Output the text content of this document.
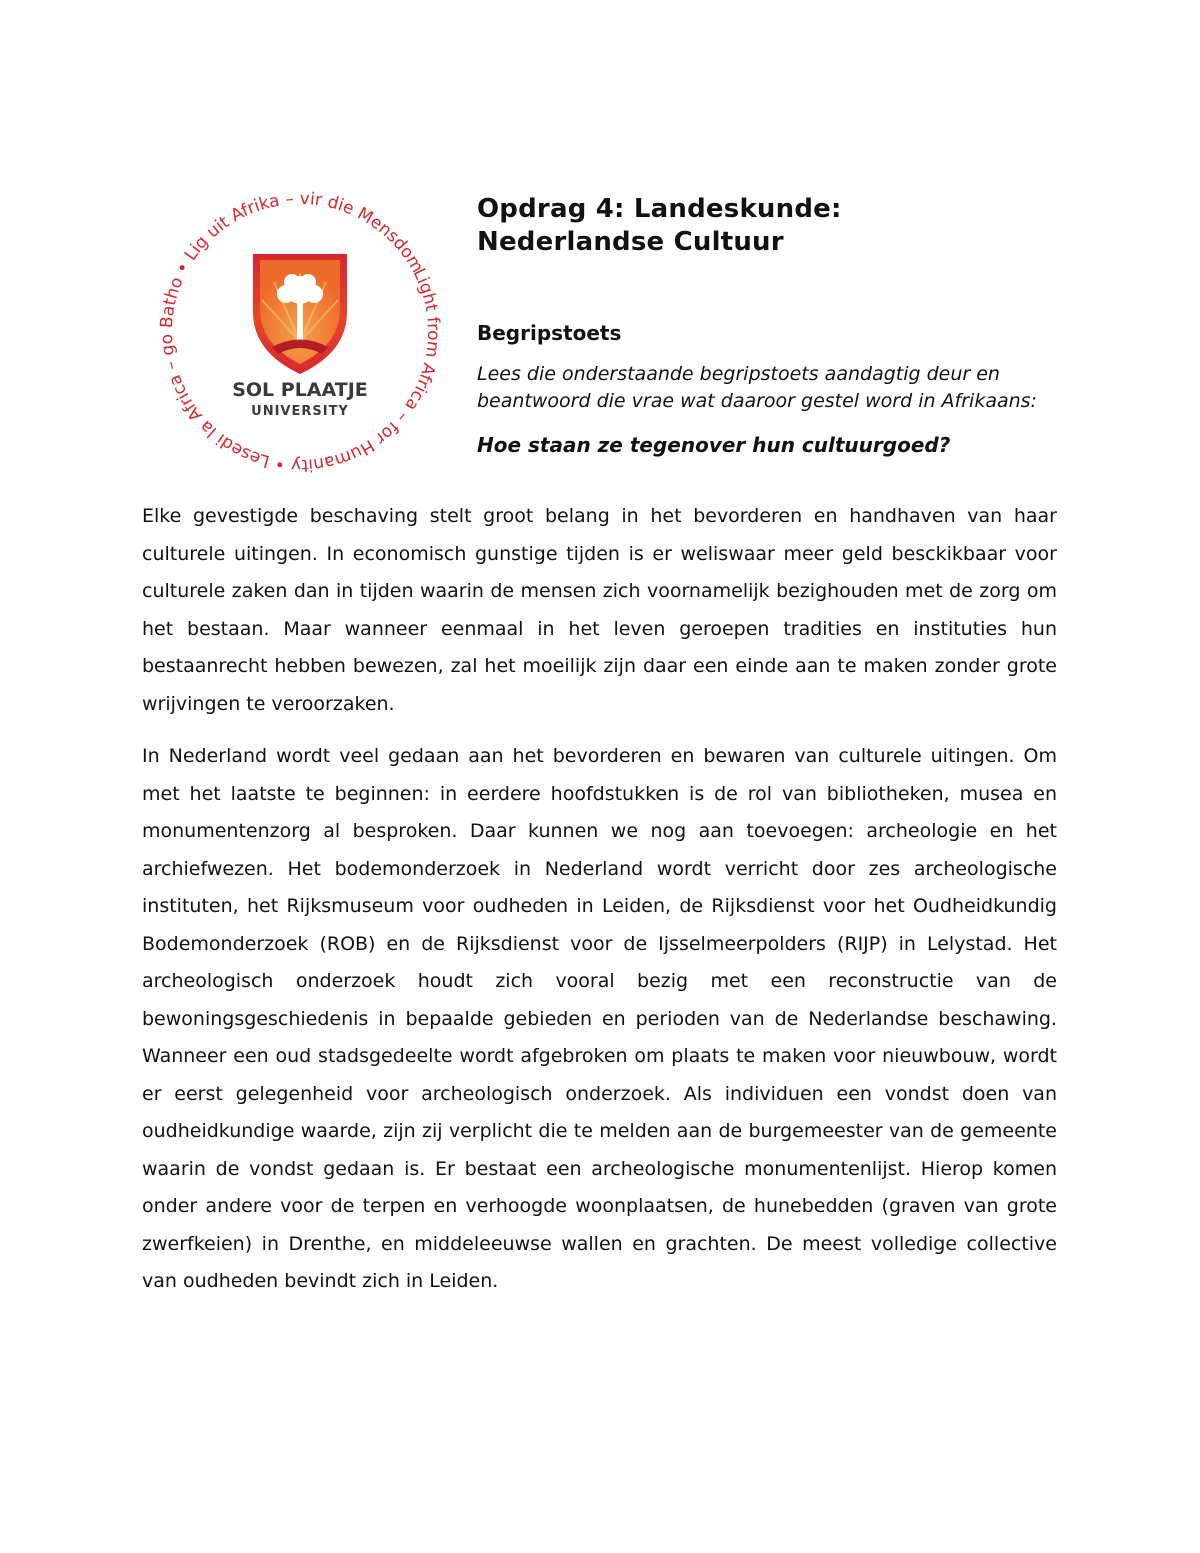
Light from Africa – for Humanity • Lesedi la Africa – go Batho • Lig uit Afrika – vir die Mensdom
SOL PLAATJE
UNIVERSITY
Opdrag 4: Landeskunde:
Nederlandse Cultuur
Begripstoets

Lees die onderstaande begripstoets aandagtig deur en beantwoord die vrae wat daaroor gestel word in Afrikaans:

Hoe staan ze tegenover hun cultuurgoed?

Elke gevestigde beschaving stelt groot belang in het bevorderen en handhaven van haar culturele uitingen. In economisch gunstige tijden is er weliswaar meer geld besckikbaar voor culturele zaken dan in tijden waarin de mensen zich voornamelijk bezighouden met de zorg om het bestaan. Maar wanneer eenmaal in het leven geroepen tradities en instituties hun bestaanrecht hebben bewezen, zal het moeilijk zijn daar een einde aan te maken zonder grote wrijvingen te veroorzaken.

In Nederland wordt veel gedaan aan het bevorderen en bewaren van culturele uitingen. Om met het laatste te beginnen: in eerdere hoofdstukken is de rol van bibliotheken, musea en monumentenzorg al besproken. Daar kunnen we nog aan toevoegen: archeologie en het archiefwezen. Het bodemonderzoek in Nederland wordt verricht door zes archeologische instituten, het Rijksmuseum voor oudheden in Leiden, de Rijksdienst voor het Oudheidkundig Bodemonderzoek (ROB) en de Rijksdienst voor de Ijsselmeerpolders (RIJP) in Lelystad. Het archeologisch onderzoek houdt zich vooral bezig met een reconstructie van de bewoningsgeschiedenis in bepaalde gebieden en perioden van de Nederlandse beschawing. Wanneer een oud stadsgedeelte wordt afgebroken om plaats te maken voor nieuwbouw, wordt er eerst gelegenheid voor archeologisch onderzoek. Als individuen een vondst doen van oudheidkundige waarde, zijn zij verplicht die te melden aan de burgemeester van de gemeente waarin de vondst gedaan is. Er bestaat een archeologische monumentenlijst. Hierop komen onder andere voor de terpen en verhoogde woonplaatsen, de hunebedden (graven van grote zwerfkeien) in Drenthe, en middeleeuwse wallen en grachten. De meest volledige collective van oudheden bevindt zich in Leiden.
